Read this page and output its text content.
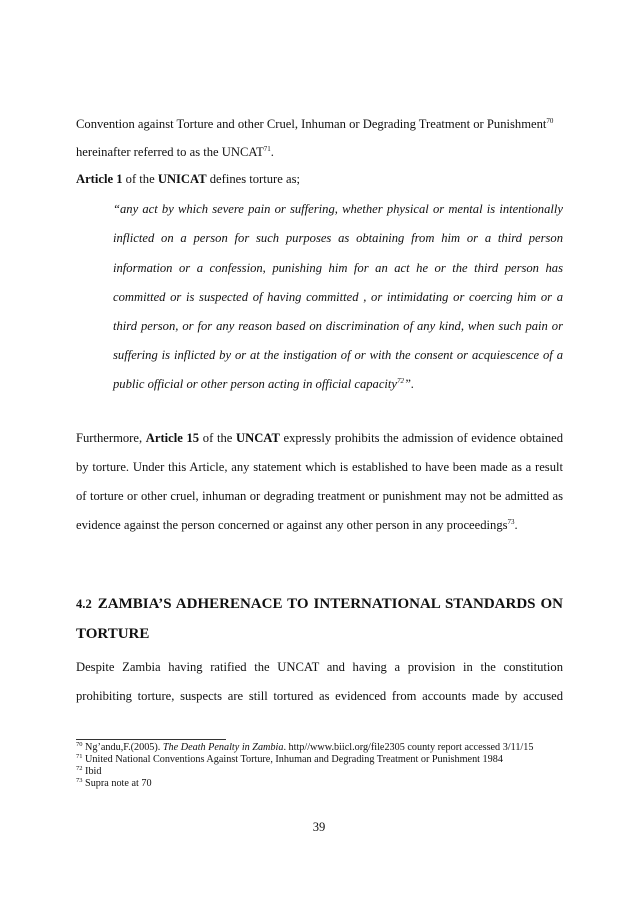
Convention against Torture and other Cruel, Inhuman or Degrading Treatment or Punishment$^{70}$
hereinafter referred to as the UNCAT$^{71}$.
Article 1 of the UNICAT defines torture as;
“any act by which severe pain or suffering, whether physical or mental is intentionally
inflicted on a person for such purposes as obtaining from him or a third person
information or a confession, punishing him for an act he or the third person has
committed or is suspected of having committed , or intimidating or coercing him or a
third person, or for any reason based on discrimination of any kind, when such pain or
suffering is inflicted by or at the instigation of or with the consent or acquiescence of a
public official or other person acting in official capacity$^{72}$”.
Furthermore, Article 15 of the UNCAT expressly prohibits the admission of evidence obtained
by torture. Under this Article, any statement which is established to have been made as a result
of torture or other cruel, inhuman or degrading treatment or punishment may not be admitted as
evidence against the person concerned or against any other person in any proceedings$^{73}$.
4.2 ZAMBIA’S ADHERENACE TO INTERNATIONAL STANDARDS ON
TORTURE
Despite Zambia having ratified the UNCAT and having a provision in the constitution
prohibiting torture, suspects are still tortured as evidenced from accounts made by accused
$^{70}$ Ng’andu,F.(2005). The Death Penalty in Zambia. http//www.biicl.org/file2305 county report accessed 3/11/15
$^{71}$ United National Conventions Against Torture, Inhuman and Degrading Treatment or Punishment 1984
$^{72}$ Ibid
$^{73}$ Supra note at 70
39
